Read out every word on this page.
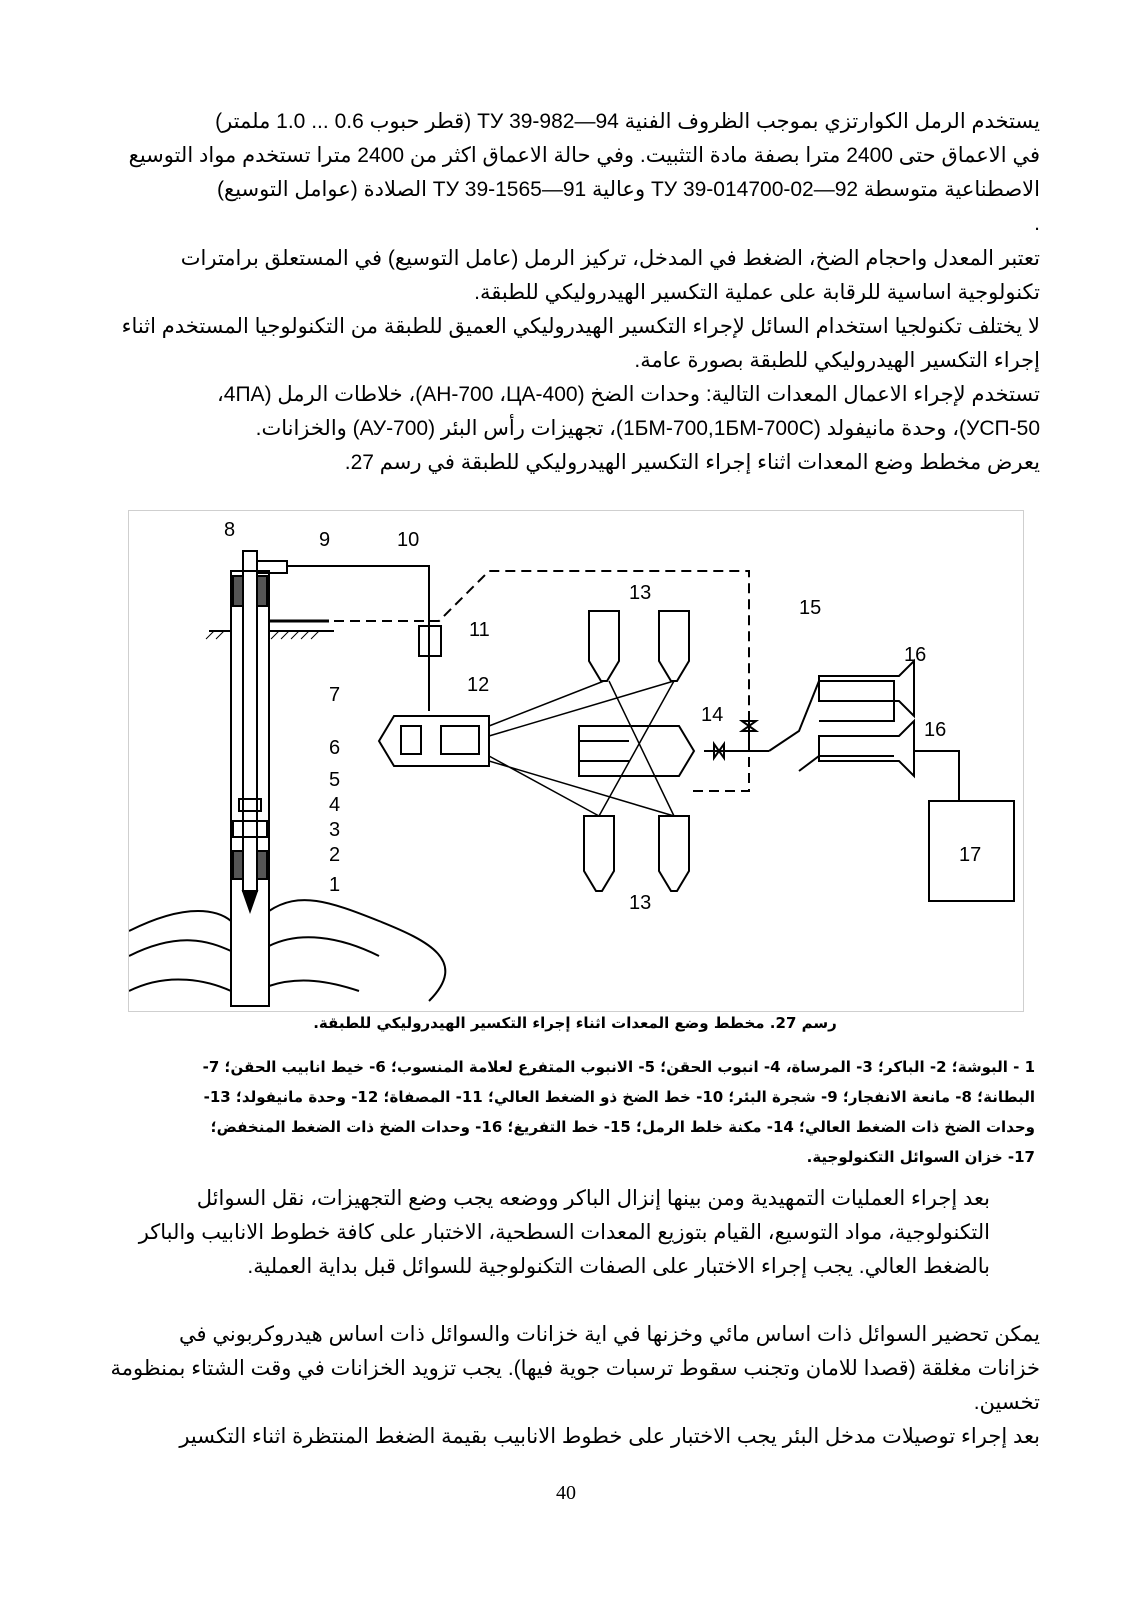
يستخدم الرمل الكوارتزي بموجب الظروف الفنية ТУ 39-982—94 (قطر حبوب 0.6 ... 1.0 ملمتر)
في الاعماق حتى 2400 مترا بصفة مادة التثبيت. وفي حالة الاعماق اكثر من 2400 مترا تستخدم مواد التوسيع
الاصطناعية متوسطة ТУ 39-014700-02—92 وعالية ТУ 39-1565—91 الصلادة (عوامل التوسيع)
.
تعتبر المعدل واحجام الضخ، الضغط في المدخل، تركيز الرمل (عامل التوسيع) في المستعلق برامترات
تكنولوجية اساسية للرقابة على عملية التكسير الهيدروليكي للطبقة.
لا يختلف تكنولجيا استخدام السائل لإجراء التكسير الهيدروليكي العميق للطبقة من التكنولوجيا المستخدم اثناء
إجراء التكسير الهيدروليكي للطبقة بصورة عامة.
تستخدم لإجراء الاعمال المعدات التالية: وحدات الضخ (АН-700 ،ЦА-400)، خلاطات الرمل (4ПА،
УСП-50)، وحدة مانيفولد (1БМ-700,1БМ-700С)، تجهيزات رأس البئر (АУ-700) والخزانات.
يعرض مخطط وضع المعدات اثناء إجراء التكسير الهيدروليكي للطبقة في رسم 27.
8	9	10
11
12
13
13
14
15
16
16
17
7
6
5
4
3
2
1
رسم 27. مخطط وضع المعدات اثناء إجراء التكسير الهيدروليكي للطبقة.
1 - البوشة؛ 2- الباكر؛ 3- المرساة، 4- انبوب الحقن؛ 5- الانبوب المتفرع لعلامة المنسوب؛ 6- خيط انابيب الحقن؛ 7-
البطانة؛ 8- مانعة الانفجار؛ 9- شجرة البئر؛ 10- خط الضخ ذو الضغط العالي؛ 11- المصفاة؛ 12- وحدة مانيفولد؛ 13-
وحدات الضخ ذات الضغط العالي؛ 14- مكنة خلط الرمل؛ 15- خط التفريغ؛ 16- وحدات الضخ ذات الضغط المنخفض؛
17- خزان السوائل التكنولوجية.
بعد إجراء العمليات التمهيدية ومن بينها إنزال الباكر ووضعه يجب وضع التجهيزات، نقل السوائل
التكنولوجية، مواد التوسيع، القيام بتوزيع المعدات السطحية، الاختبار على كافة خطوط الانابيب والباكر
بالضغط العالي. يجب إجراء الاختبار على الصفات التكنولوجية للسوائل قبل بداية العملية.
يمكن تحضير السوائل ذات اساس مائي وخزنها في اية خزانات والسوائل ذات اساس هيدروكربوني في
خزانات مغلقة (قصدا للامان وتجنب سقوط ترسبات جوية فيها). يجب تزويد الخزانات في وقت الشتاء بمنظومة
تخسين.
بعد إجراء توصيلات مدخل البئر يجب الاختبار على خطوط الانابيب بقيمة الضغط المنتظرة اثناء التكسير
40
